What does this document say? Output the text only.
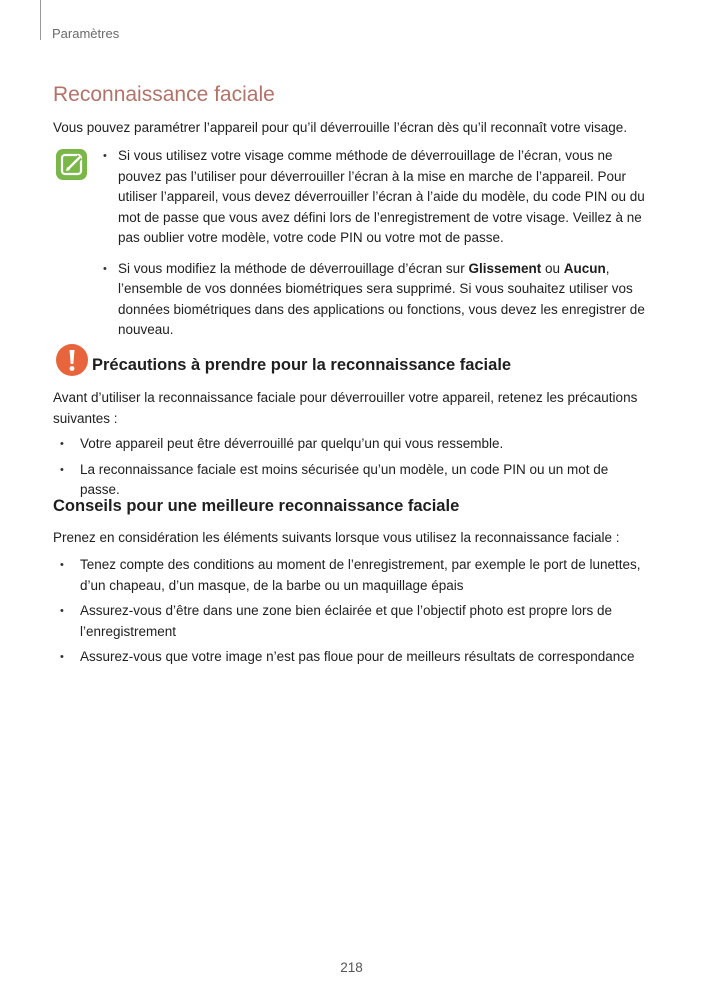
Paramètres
Reconnaissance faciale
Vous pouvez paramétrer l’appareil pour qu’il déverrouille l’écran dès qu’il reconnaît votre visage.
• Si vous utilisez votre visage comme méthode de déverrouillage de l’écran, vous ne pouvez pas l’utiliser pour déverrouiller l’écran à la mise en marche de l’appareil. Pour utiliser l’appareil, vous devez déverrouiller l’écran à l’aide du modèle, du code PIN ou du mot de passe que vous avez défini lors de l’enregistrement de votre visage. Veillez à ne pas oublier votre modèle, votre code PIN ou votre mot de passe.
• Si vous modifiez la méthode de déverrouillage d’écran sur Glissement ou Aucun, l’ensemble de vos données biométriques sera supprimé. Si vous souhaitez utiliser vos données biométriques dans des applications ou fonctions, vous devez les enregistrer de nouveau.
Précautions à prendre pour la reconnaissance faciale
Avant d’utiliser la reconnaissance faciale pour déverrouiller votre appareil, retenez les précautions suivantes :
• Votre appareil peut être déverrouillé par quelqu’un qui vous ressemble.
• La reconnaissance faciale est moins sécurisée qu’un modèle, un code PIN ou un mot de passe.
Conseils pour une meilleure reconnaissance faciale
Prenez en considération les éléments suivants lorsque vous utilisez la reconnaissance faciale :
• Tenez compte des conditions au moment de l’enregistrement, par exemple le port de lunettes, d’un chapeau, d’un masque, de la barbe ou un maquillage épais
• Assurez-vous d’être dans une zone bien éclairée et que l’objectif photo est propre lors de l’enregistrement
• Assurez-vous que votre image n’est pas floue pour de meilleurs résultats de correspondance
218
